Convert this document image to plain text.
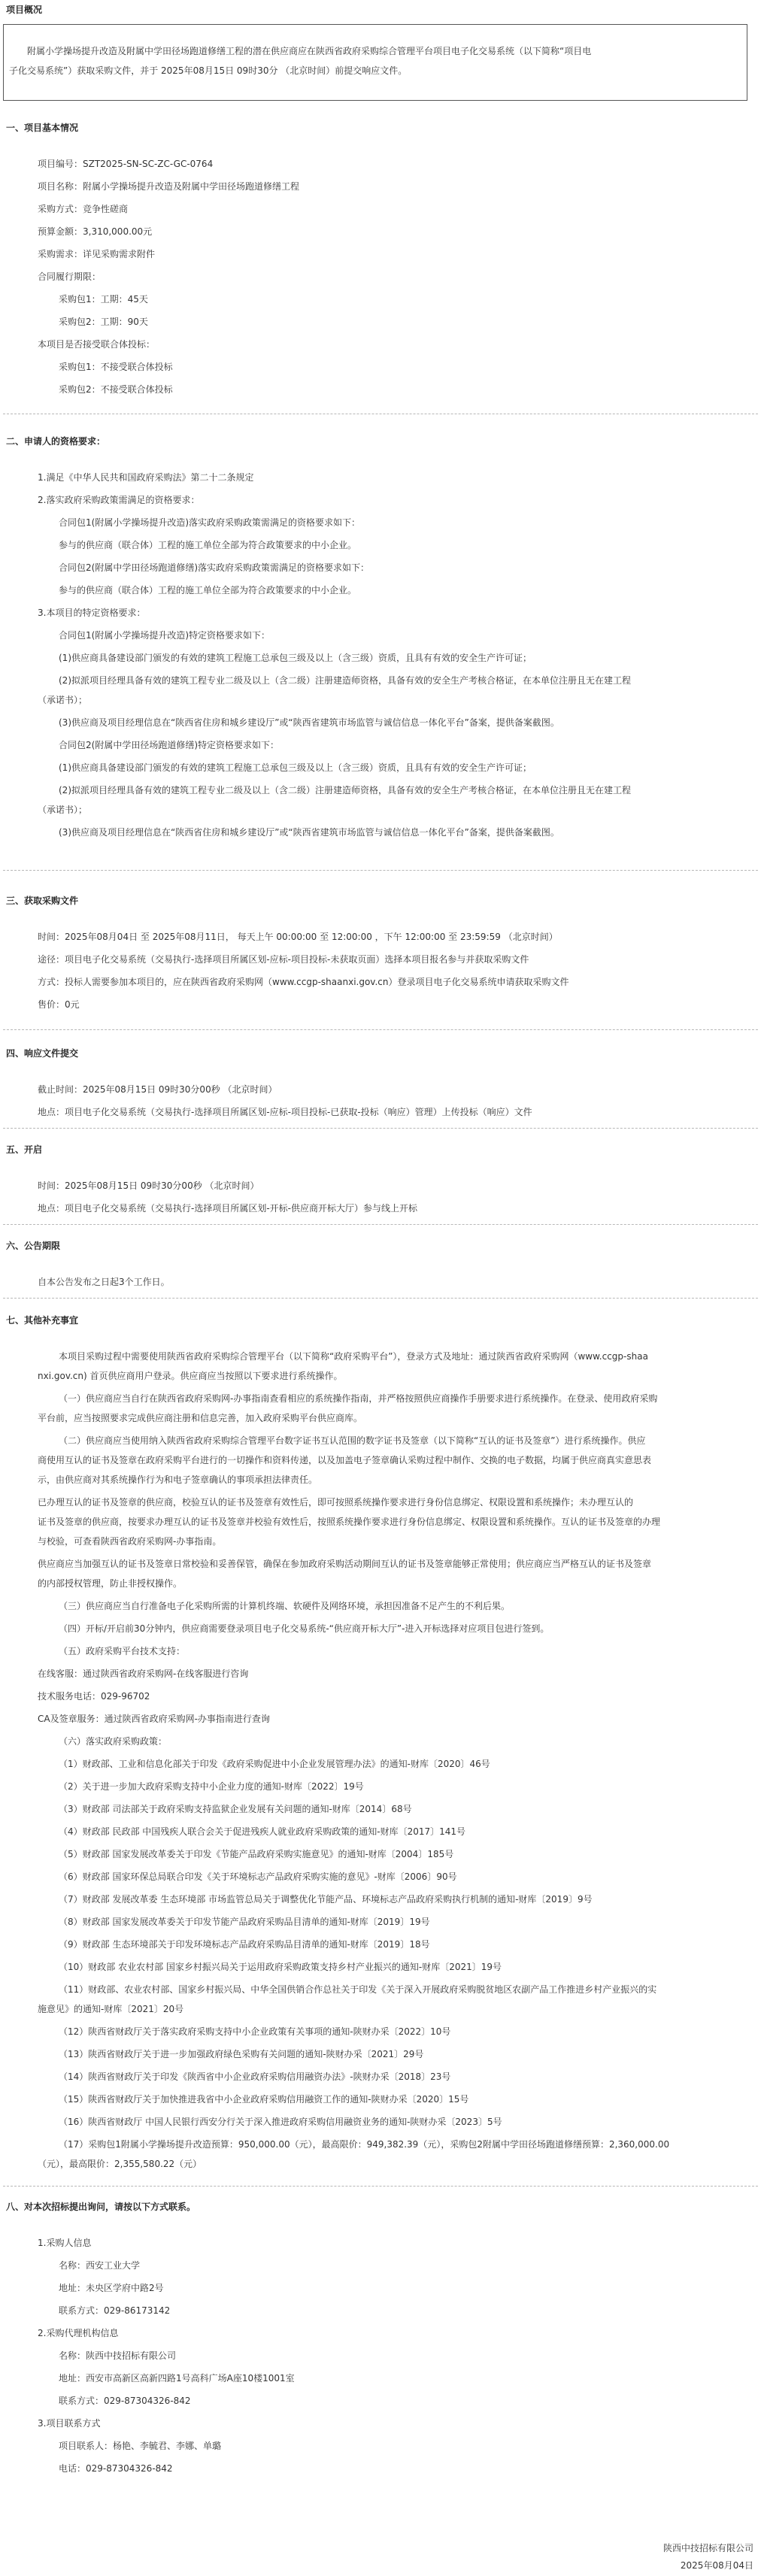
项目概况
附属小学操场提升改造及附属中学田径场跑道修缮工程的潜在供应商应在陕西省政府采购综合管理平台项目电子化交易系统（以下简称“项目电
子化交易系统”）获取采购文件，并于 2025年08月15日 09时30分 （北京时间）前提交响应文件。
一、项目基本情况
项目编号：SZT2025-SN-SC-ZC-GC-0764
项目名称：附属小学操场提升改造及附属中学田径场跑道修缮工程
采购方式：竞争性磋商
预算金额：3,310,000.00元
采购需求：详见采购需求附件
合同履行期限：
采购包1：工期：45天
采购包2：工期：90天
本项目是否接受联合体投标：
采购包1：不接受联合体投标
采购包2：不接受联合体投标
二、申请人的资格要求：
1.满足《中华人民共和国政府采购法》第二十二条规定
2.落实政府采购政策需满足的资格要求：
合同包1(附属小学操场提升改造)落实政府采购政策需满足的资格要求如下：
参与的供应商（联合体）工程的施工单位全部为符合政策要求的中小企业。
合同包2(附属中学田径场跑道修缮)落实政府采购政策需满足的资格要求如下：
参与的供应商（联合体）工程的施工单位全部为符合政策要求的中小企业。
3.本项目的特定资格要求：
合同包1(附属小学操场提升改造)特定资格要求如下：
(1)供应商具备建设部门颁发的有效的建筑工程施工总承包三级及以上（含三级）资质，且具有有效的安全生产许可证；
(2)拟派项目经理具备有效的建筑工程专业二级及以上（含二级）注册建造师资格，具备有效的安全生产考核合格证，在本单位注册且无在建工程
（承诺书）；
(3)供应商及项目经理信息在“陕西省住房和城乡建设厅”或“陕西省建筑市场监管与诚信信息一体化平台”备案，提供备案截图。
合同包2(附属中学田径场跑道修缮)特定资格要求如下：
(1)供应商具备建设部门颁发的有效的建筑工程施工总承包三级及以上（含三级）资质，且具有有效的安全生产许可证；
(2)拟派项目经理具备有效的建筑工程专业二级及以上（含二级）注册建造师资格，具备有效的安全生产考核合格证，在本单位注册且无在建工程
（承诺书）；
(3)供应商及项目经理信息在“陕西省住房和城乡建设厅”或“陕西省建筑市场监管与诚信信息一体化平台”备案，提供备案截图。
三、获取采购文件
时间：2025年08月04日 至 2025年08月11日， 每天上午 00:00:00 至 12:00:00 ，下午 12:00:00 至 23:59:59 （北京时间）
途径：项目电子化交易系统（交易执行-选择项目所属区划-应标-项目投标-未获取页面）选择本项目报名参与并获取采购文件
方式：投标人需要参加本项目的，应在陕西省政府采购网（www.ccgp-shaanxi.gov.cn）登录项目电子化交易系统申请获取采购文件
售价：0元
四、响应文件提交
截止时间：2025年08月15日 09时30分00秒 （北京时间）
地点：项目电子化交易系统（交易执行-选择项目所属区划-应标-项目投标-已获取-投标（响应）管理）上传投标（响应）文件
五、开启
时间：2025年08月15日 09时30分00秒 （北京时间）
地点：项目电子化交易系统（交易执行-选择项目所属区划-开标-供应商开标大厅）参与线上开标
六、公告期限
自本公告发布之日起3个工作日。
七、其他补充事宜
本项目采购过程中需要使用陕西省政府采购综合管理平台（以下简称“政府采购平台”），登录方式及地址：通过陕西省政府采购网（www.ccgp-shaa
nxi.gov.cn) 首页供应商用户登录。供应商应当按照以下要求进行系统操作。
（一）供应商应当自行在陕西省政府采购网-办事指南查看相应的系统操作指南，并严格按照供应商操作手册要求进行系统操作。在登录、使用政府采购
平台前，应当按照要求完成供应商注册和信息完善，加入政府采购平台供应商库。
（二）供应商应当使用纳入陕西省政府采购综合管理平台数字证书互认范围的数字证书及签章（以下简称“互认的证书及签章”）进行系统操作。供应
商使用互认的证书及签章在政府采购平台进行的一切操作和资料传递，以及加盖电子签章确认采购过程中制作、交换的电子数据，均属于供应商真实意思表
示，由供应商对其系统操作行为和电子签章确认的事项承担法律责任。
已办理互认的证书及签章的供应商，校验互认的证书及签章有效性后，即可按照系统操作要求进行身份信息绑定、权限设置和系统操作；未办理互认的
证书及签章的供应商，按要求办理互认的证书及签章并校验有效性后，按照系统操作要求进行身份信息绑定、权限设置和系统操作。互认的证书及签章的办理
与校验，可查看陕西省政府采购网-办事指南。
供应商应当加强互认的证书及签章日常校验和妥善保管，确保在参加政府采购活动期间互认的证书及签章能够正常使用；供应商应当严格互认的证书及签章
的内部授权管理，防止非授权操作。
（三）供应商应当自行准备电子化采购所需的计算机终端、软硬件及网络环境，承担因准备不足产生的不利后果。
（四）开标/开启前30分钟内，供应商需要登录项目电子化交易系统-“供应商开标大厅”-进入开标选择对应项目包进行签到。
（五）政府采购平台技术支持：
在线客服：通过陕西省政府采购网-在线客服进行咨询
技术服务电话：029-96702
CA及签章服务：通过陕西省政府采购网-办事指南进行查询
（六）落实政府采购政策：
（1）财政部、工业和信息化部关于印发《政府采购促进中小企业发展管理办法》的通知-财库〔2020〕46号
（2）关于进一步加大政府采购支持中小企业力度的通知-财库〔2022〕19号
（3）财政部 司法部关于政府采购支持监狱企业发展有关问题的通知-财库〔2014〕68号
（4）财政部 民政部 中国残疾人联合会关于促进残疾人就业政府采购政策的通知-财库〔2017〕141号
（5）财政部 国家发展改革委关于印发《节能产品政府采购实施意见》的通知-财库〔2004〕185号
（6）财政部 国家环保总局联合印发《关于环境标志产品政府采购实施的意见》-财库〔2006〕90号
（7）财政部 发展改革委 生态环境部 市场监管总局关于调整优化节能产品、环境标志产品政府采购执行机制的通知-财库〔2019〕9号
（8）财政部 国家发展改革委关于印发节能产品政府采购品目清单的通知-财库〔2019〕19号
（9）财政部 生态环境部关于印发环境标志产品政府采购品目清单的通知-财库〔2019〕18号
（10）财政部 农业农村部 国家乡村振兴局关于运用政府采购政策支持乡村产业振兴的通知-财库〔2021〕19号
（11）财政部、农业农村部、国家乡村振兴局、中华全国供销合作总社关于印发《关于深入开展政府采购脱贫地区农副产品工作推进乡村产业振兴的实
施意见》的通知-财库〔2021〕20号
（12）陕西省财政厅关于落实政府采购支持中小企业政策有关事项的通知-陕财办采〔2022〕10号
（13）陕西省财政厅关于进一步加强政府绿色采购有关问题的通知-陕财办采〔2021〕29号
（14）陕西省财政厅关于印发《陕西省中小企业政府采购信用融资办法》-陕财办采〔2018〕23号
（15）陕西省财政厅关于加快推进我省中小企业政府采购信用融资工作的通知-陕财办采〔2020〕15号
（16）陕西省财政厅 中国人民银行西安分行关于深入推进政府采购信用融资业务的通知-陕财办采〔2023〕5号
（17）采购包1附属小学操场提升改造预算：950,000.00（元），最高限价：949,382.39（元），采购包2附属中学田径场跑道修缮预算：2,360,000.00
（元），最高限价：2,355,580.22（元）
八、对本次招标提出询问，请按以下方式联系。
1.采购人信息
名称：西安工业大学
地址：未央区学府中路2号
联系方式：029-86173142
2.采购代理机构信息
名称：陕西中技招标有限公司
地址：西安市高新区高新四路1号高科广场A座10楼1001室
联系方式：029-87304326-842
3.项目联系方式
项目联系人：杨艳、李毓君、李娜、单璐
电话：029-87304326-842
陕西中技招标有限公司
2025年08月04日
